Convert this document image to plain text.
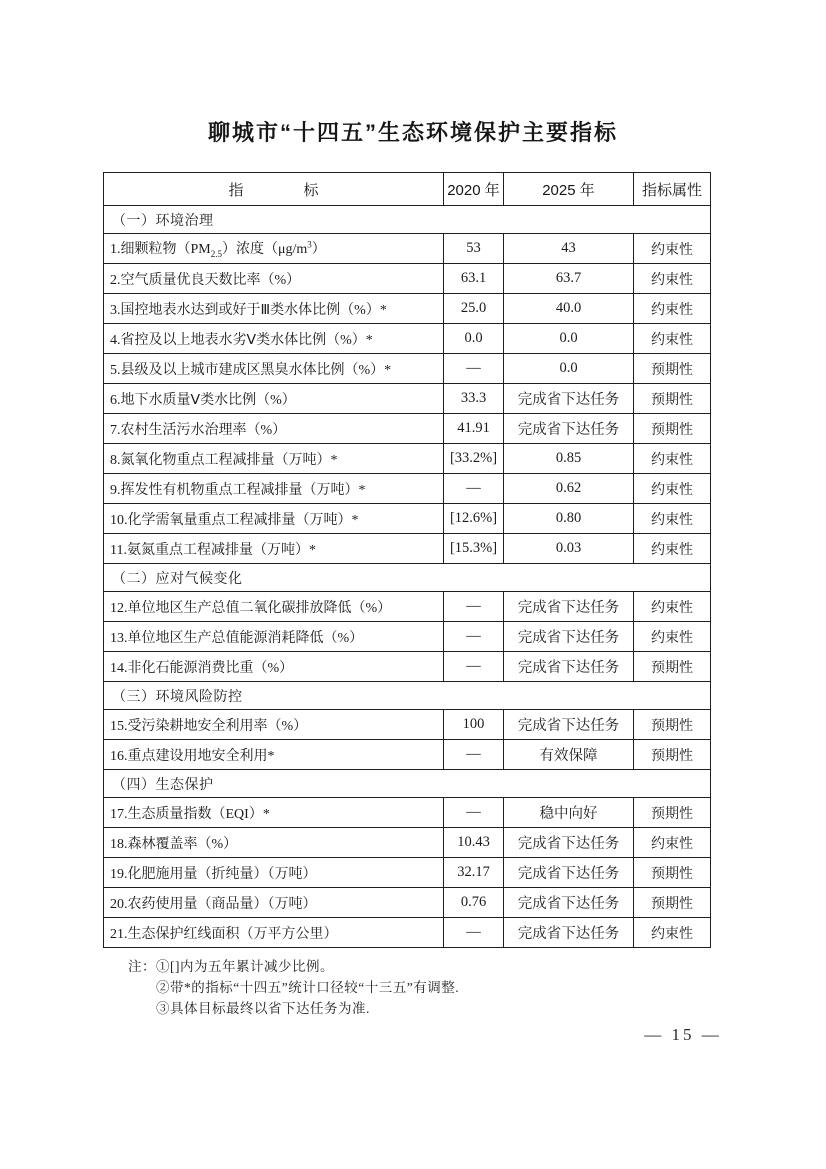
聊城市“十四五”生态环境保护主要指标
指　　　　标	2020 年	2025 年	指标属性
（一）环境治理			
1.细颗粒物$(PM_{2.5})$浓度$(\mu g/m^3)$	53	43	约束性
2.空气质量优良天数比率（%）	63.1	63.7	约束性
3.国控地表水达到或好于Ⅲ类水体比例（%）*	25.0	40.0	约束性
4.省控及以上地表水劣Ⅴ类水体比例（%）*	0.0	0.0	约束性
5.县级及以上城市建成区黑臭水体比例（%）*	—	0.0	预期性
6.地下水质量Ⅴ类水比例（%）	33.3	完成省下达任务	预期性
7.农村生活污水治理率（%）	41.91	完成省下达任务	预期性
8.氮氧化物重点工程减排量（万吨）*	[33.2%]	0.85	约束性
9.挥发性有机物重点工程减排量（万吨）*	—	0.62	约束性
10.化学需氧量重点工程减排量（万吨）*	[12.6%]	0.80	约束性
11.氨氮重点工程减排量（万吨）*	[15.3%]	0.03	约束性
（二）应对气候变化			
12.单位地区生产总值二氧化碳排放降低（%）	—	完成省下达任务	约束性
13.单位地区生产总值能源消耗降低（%）	—	完成省下达任务	约束性
14.非化石能源消费比重（%）	—	完成省下达任务	预期性
（三）环境风险防控			
15.受污染耕地安全利用率（%）	100	完成省下达任务	预期性
16.重点建设用地安全利用*	—	有效保障	预期性
（四）生态保护			
17.生态质量指数（EQI）*	—	稳中向好	预期性
18.森林覆盖率（%）	10.43	完成省下达任务	约束性
19.化肥施用量（折纯量）（万吨）	32.17	完成省下达任务	预期性
20.农药使用量（商品量）（万吨）	0.76	完成省下达任务	预期性
21.生态保护红线面积（万平方公里）	—	完成省下达任务	约束性
注：①[]内为五年累计减少比例。
②带*的指标“十四五”统计口径较“十三五”有调整.
③具体目标最终以省下达任务为准.
— 15 —
